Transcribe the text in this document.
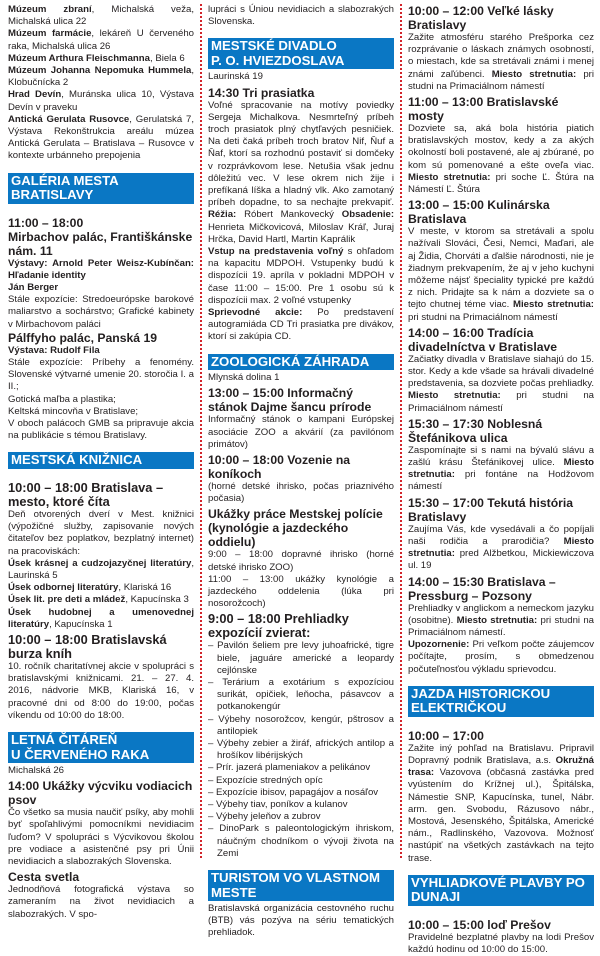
Múzeum zbraní, Michalská veža, Michalská ulica 22

Múzeum farmácie, lekáreň U červeného raka, Michalská ulica 26

Múzeum Arthura Fleischmanna, Biela 6

Múzeum Johanna Nepomuka Hummela, Klobučnícka 2

Hrad Devín, Muránska ulica 10, Výstava Devín v praveku

Antická Gerulata Rusovce, Gerulatská 7, Výstava Rekonštrukcia areálu múzea Antická Gerulata – Bratislava – Rusovce v kontexte urbánneho prepojenia

GALÉRIA MESTA BRATISLAVY
11:00 – 18:00
Mirbachov palác, Františkánske nám. 11

Výstavy: Arnold Peter Weisz-Kubínčan: Hľadanie identity

Ján Berger

Stále expozície: Stredoeurópske barokové maliarstvo a sochárstvo; Grafické kabinety v Mirbachovom paláci

Pálffyho palác, Panská 19

Výstava: Rudolf Fila

Stále expozície: Príbehy a fenomény. Slovenské výtvarné umenie 20. storočia I. a II.;

Gotická maľba a plastika;

Keltská mincovňa v Bratislave;

V oboch palácoch GMB sa pripravuje akcia na publikácie s témou Bratislavy.

MESTSKÁ KNIŽNICA
10:00 – 18:00 Bratislava – mesto, ktoré číta

Deň otvorených dverí v Mest. knižnici (výpožičné služby, zapisovanie nových čitateľov bez poplatkov, bezplatný internet) na pracoviskách:

Úsek krásnej a cudzojazyčnej literatúry, Laurinská 5

Úsek odbornej literatúry, Klariská 16

Úsek lit. pre deti a mládež, Kapucínska 3

Úsek hudobnej a umenovednej literatúry, Kapucínska 1

10:00 – 18:00 Bratislavská burza kníh

10. ročník charitatívnej akcie v spolupráci s bratislavskými knižnicami. 21. – 27. 4. 2016, nádvorie MKB, Klariská 16, v pracovné dni od 8:00 do 19:00, počas víkendu od 10:00 do 18:00.

LETNÁ ČITÁREŇ
U ČERVENÉHO RAKA

Michalská 26

14:00 Ukážky výcviku vodiacich psov

Čo všetko sa musia naučiť psíky, aby mohli byť spoľahlivými pomocníkmi nevidiacim ľuďom? V spolupráci s Výcvikovou školou pre vodiace a asistenčné psy pri Únii nevidiacich a slabozrakých Slovenska.

Cesta svetla

Jednodňová fotografická výstava so zameraním na život nevidiacich a slabozrakých. V spo-

lupráci s Úniou nevidiacich a slabozrakých Slovenska.

MESTSKÉ DIVADLO
P. O. HVIEZDOSLAVA

Laurinská 19

14:30 Tri prasiatka

Voľné spracovanie na motívy poviedky Sergeja Michalkova. Nesmrteľný príbeh troch prasiatok plný chytľavých pesničiek. Na deti čaká príbeh troch bratov Nif, Ňuf a Ňaf, ktorí sa rozhodnú postaviť si domčeky v rozprávkovom lese. Netušia však jednu dôležitú vec. V lese okrem nich žije i prefíkaná líška a hladný vlk. Ako zamotaný príbeh dopadne, to sa nechajte prekvapiť. Réžia: Róbert Mankovecký Obsadenie: Henrieta Mičkovicová, Miloslav Kráľ, Juraj Hrčka, David Hartl, Martin Kaprálik

Vstup na predstavenia voľný s ohľadom na kapacitu MDPOH. Vstupenky budú k dispozícii 19. apríla v pokladni MDPOH v čase 11:00 – 15:00. Pre 1 osobu sú k dispozícii max. 2 voľné vstupenky

Sprievodné akcie: Po predstavení autogramiáda CD Tri prasiatka pre divákov, ktorí si zakúpia CD.

ZOOLOGICKÁ ZÁHRADA

Mlynská dolina 1

13:00 – 15:00 Informačný stánok Dajme šancu prírode

Informačný stánok o kampani Európskej asociácie ZOO a akvárií (za pavilónom primátov)

10:00 – 18:00 Vozenie na koníkoch

(horné detské ihrisko, počas priaznivého počasia)

Ukážky práce Mestskej polície (kynológie a jazdeckého oddielu)

9:00 – 18:00 dopravné ihrisko (horné detské ihrisko ZOO)

11:00 – 13:00 ukážky kynológie a jazdeckého oddelenia (lúka pri nosorožcoch)

9:00 – 18:00 Prehliadky expozícií zvierat:

– Pavilón šeliem pre levy juhoafrické, tigre biele, jaguáre americké a leopardy cejlónske

– Terárium a exotárium s expozíciou surikát, opičiek, leňocha, pásavcov a potkanokengúr

– Výbehy nosorožcov, kengúr, pštrosov a antilopiek

– Výbehy zebier a žiráf, afrických antilop a hrošíkov libérijských

– Prír. jazerá plameniakov a pelikánov

– Expozície stredných opíc

– Expozície ibisov, papagájov a nosáľov

– Výbehy tiav, poníkov a kulanov

– Výbehy jeleňov a zubrov

– DinoPark s paleontologickým ihriskom, náučným chodníkom o vývoji života na Zemi

TURISTOM VO VLASTNOM MESTE

Bratislavská organizácia cestovného ruchu (BTB) vás pozýva na sériu tematických prehliadok.

10:00 – 12:00 Veľké lásky Bratislavy

Zažite atmosféru starého Prešporka cez rozprávanie o láskach známych osobností, o miestach, kde sa stretávali známi i menej známi zaľúbenci. Miesto stretnutia: pri studni na Primaciálnom námestí

11:00 – 13:00 Bratislavské mosty

Dozviete sa, aká bola história piatich bratislavských mostov, kedy a za akých okolností boli postavené, ale aj zbúrané, po kom sú pomenované a ešte oveľa viac. Miesto stretnutia: pri soche Ľ. Štúra na Námestí Ľ. Štúra

13:00 – 15:00 Kulinárska Bratislava

V meste, v ktorom sa stretávali a spolu nažívali Slováci, Česi, Nemci, Maďari, ale aj Židia, Chorváti a ďalšie národnosti, nie je žiadnym prekvapením, že aj v jeho kuchyni môžeme nájsť špeciality typické pre každú z nich. Pridajte sa k nám a dozviete sa o tejto chutnej téme viac. Miesto stretnutia: pri studni na Primaciálnom námestí

14:00 – 16:00 Tradícia divadelníctva v Bratislave

Začiatky divadla v Bratislave siahajú do 15. stor. Kedy a kde všade sa hrávali divadelné predstavenia, sa dozviete počas prehliadky. Miesto stretnutia: pri studni na Primaciálnom námestí

15:30 – 17:30 Noblesná Štefánikova ulica

Zaspomínajte si s nami na bývalú slávu a zašlú krásu Štefánikovej ulice. Miesto stretnutia: pri fontáne na Hodžovom námestí

15:30 – 17:00 Tekutá história Bratislavy

Zaujíma Vás, kde vysedávali a čo popíjali naši rodičia a prarodičia? Miesto stretnutia: pred Alžbetkou, Mickiewiczova ul. 19

14:00 – 15:30 Bratislava – Pressburg – Pozsony

Prehliadky v anglickom a nemeckom jazyku (osobitne). Miesto stretnutia: pri studni na Primaciálnom námestí.

Upozornenie: Pri veľkom počte záujemcov počítajte, prosím, s obmedzenou počuteľnosťou výkladu sprievodcu.

JAZDA HISTORICKOU
ELEKTRIČKOU
10:00 – 17:00

Zažite iný pohľad na Bratislavu. Pripravil Dopravný podnik Bratislava, a.s. Okružná trasa: Vazovova (občasná zastávka pred vyústením do Krížnej ul.), Špitálska, Námestie SNP, Kapucínska, tunel, Nábr. arm. gen. Svobodu, Rázusovo nábr., Mostová, Jesenského, Špitálska, Americké nám., Radlinského, Vazovova. Možnosť nastúpiť na všetkých zastávkach na tejto trase.

VYHLIADKOVÉ PLAVBY PO
DUNAJI
10:00 – 15:00 loď Prešov

Pravidelné bezplatné plavby na lodi Prešov každú hodinu od 10:00 do 15:00.
